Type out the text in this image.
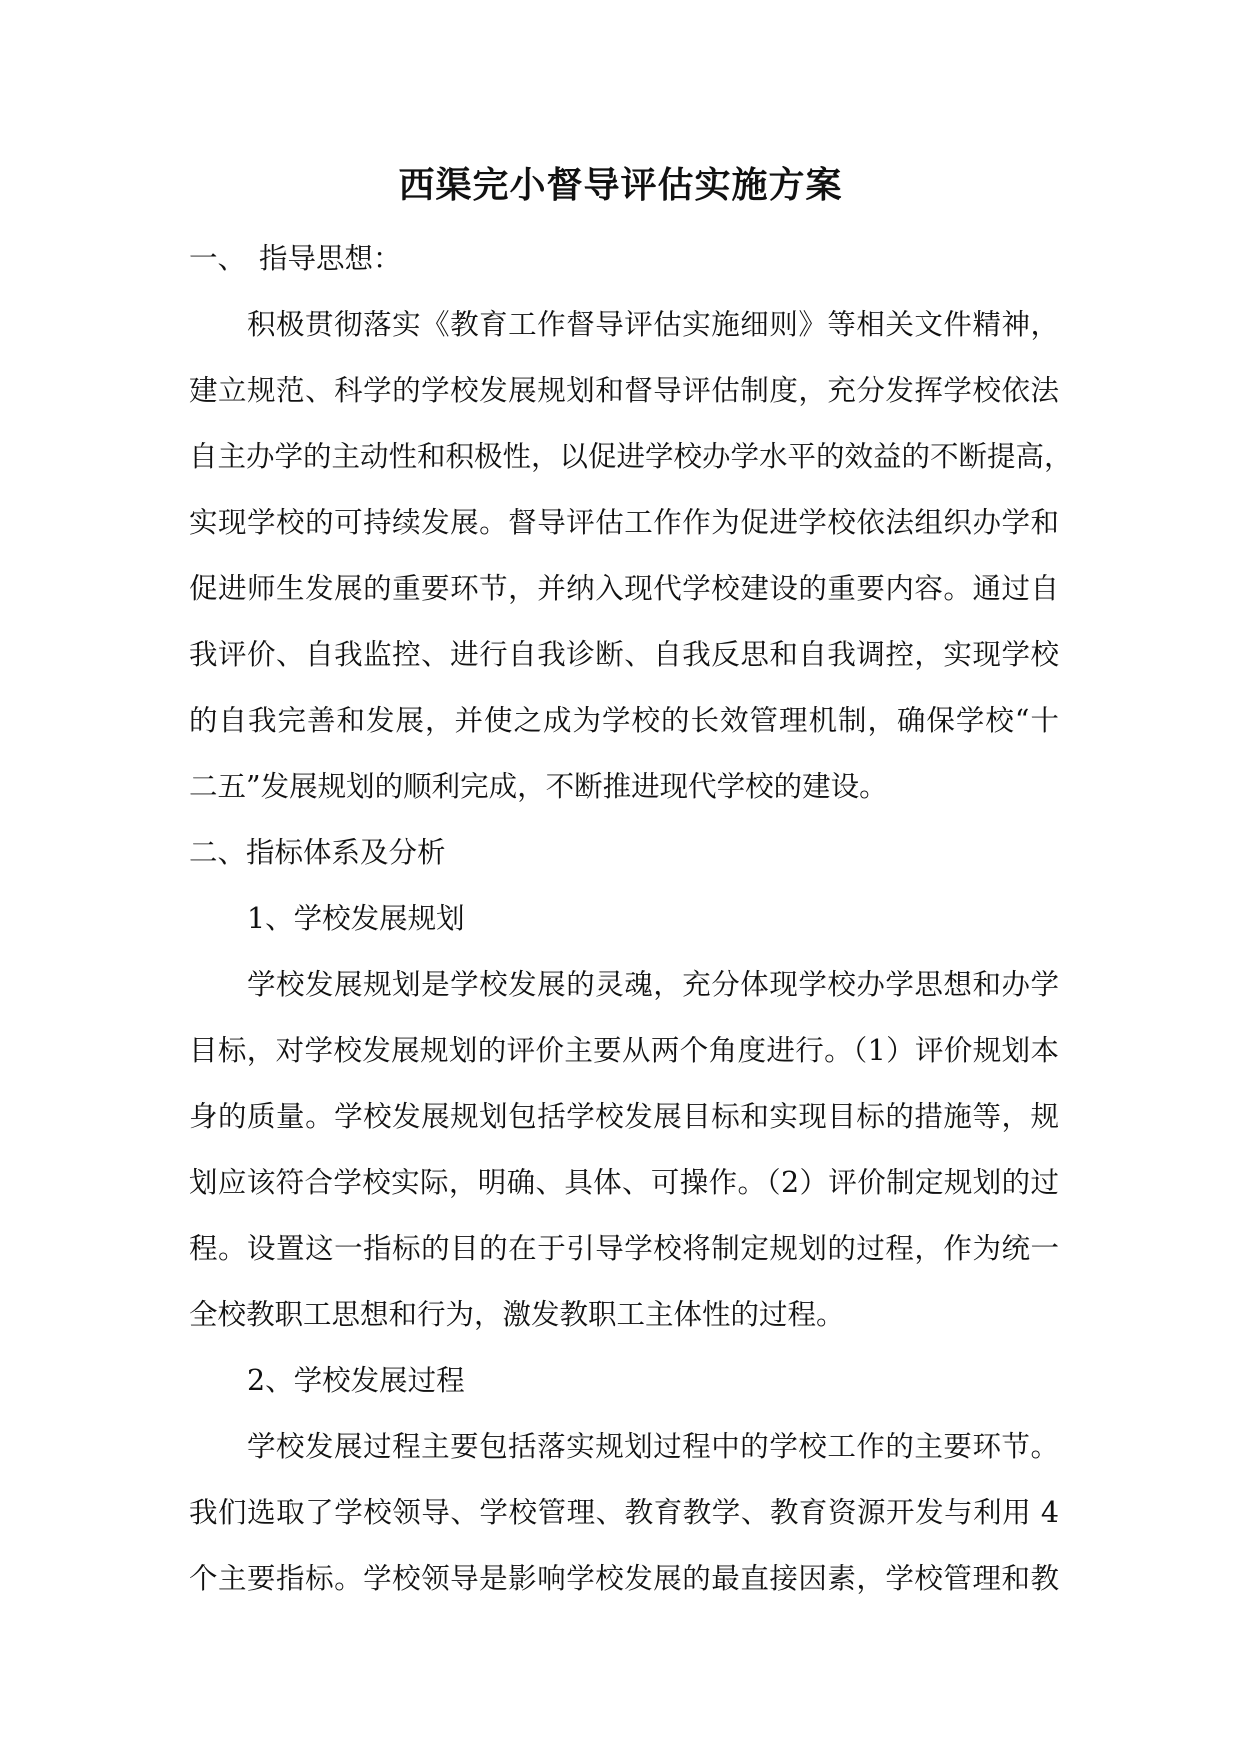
西渠完小督导评估实施方案
一、 指导思想：
积极贯彻落实《教育工作督导评估实施细则》等相关文件精神，
建立规范、科学的学校发展规划和督导评估制度，充分发挥学校依法
自主办学的主动性和积极性，以促进学校办学水平的效益的不断提高，
实现学校的可持续发展。督导评估工作作为促进学校依法组织办学和
促进师生发展的重要环节，并纳入现代学校建设的重要内容。通过自
我评价、自我监控、进行自我诊断、自我反思和自我调控，实现学校
的自我完善和发展，并使之成为学校的长效管理机制，确保学校“十
二五”发展规划的顺利完成，不断推进现代学校的建设。
二、指标体系及分析
1、学校发展规划
学校发展规划是学校发展的灵魂，充分体现学校办学思想和办学
目标，对学校发展规划的评价主要从两个角度进行。（1）评价规划本
身的质量。学校发展规划包括学校发展目标和实现目标的措施等，规
划应该符合学校实际，明确、具体、可操作。（2）评价制定规划的过
程。设置这一指标的目的在于引导学校将制定规划的过程，作为统一
全校教职工思想和行为，激发教职工主体性的过程。
2、学校发展过程
学校发展过程主要包括落实规划过程中的学校工作的主要环节。
我们选取了学校领导、学校管理、教育教学、教育资源开发与利用 4
个主要指标。学校领导是影响学校发展的最直接因素，学校管理和教
